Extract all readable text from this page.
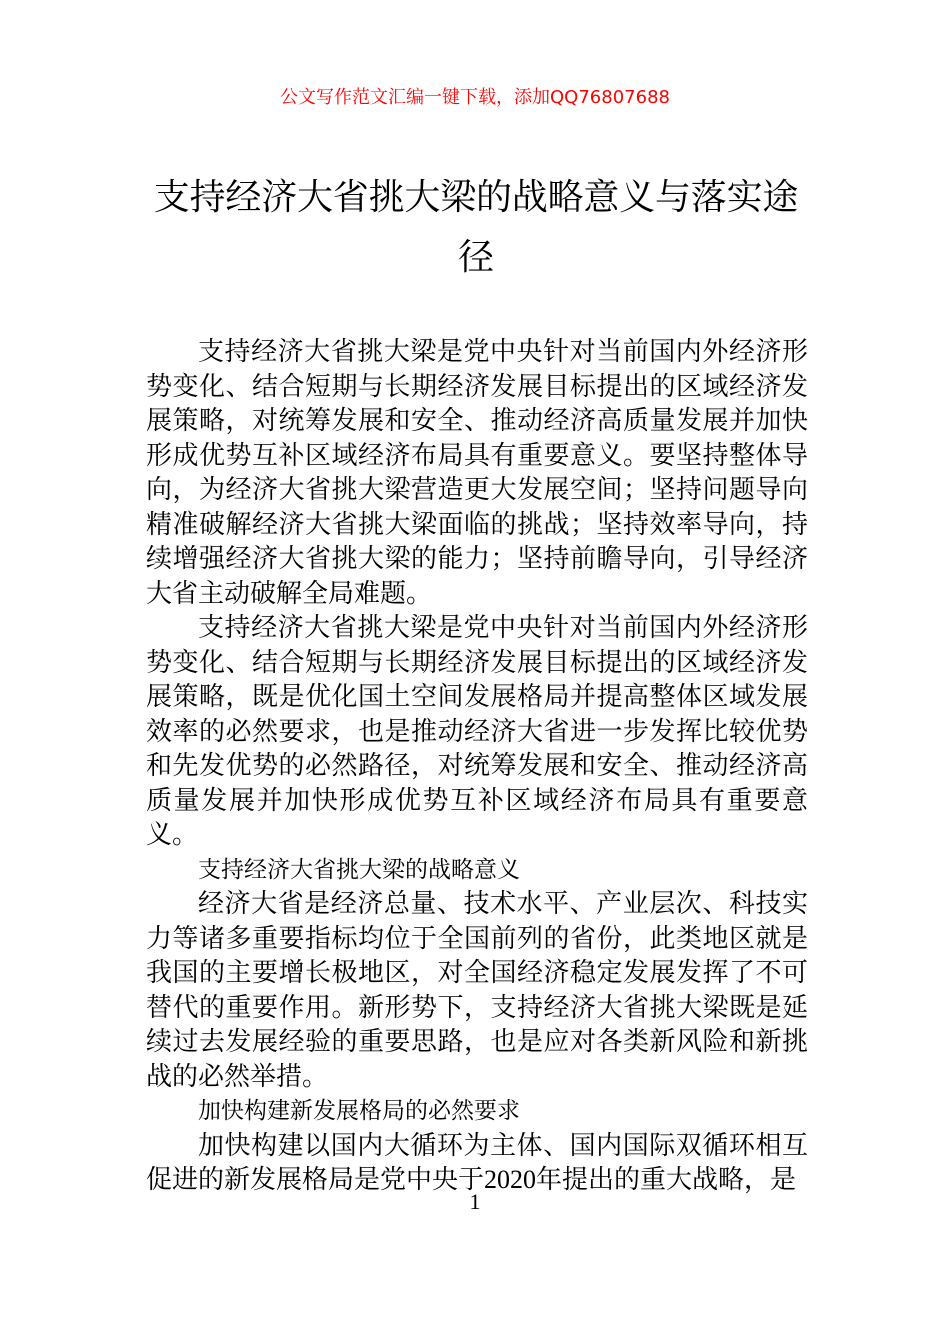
公文写作范文汇编一键下载，添加QQ76807688
支持经济大省挑大梁的战略意义与落实途径

支持经济大省挑大梁是党中央针对当前国内外经济形势变化、结合短期与长期经济发展目标提出的区域经济发展策略，对统筹发展和安全、推动经济高质量发展并加快形成优势互补区域经济布局具有重要意义。要坚持整体导向，为经济大省挑大梁营造更大发展空间；坚持问题导向精准破解经济大省挑大梁面临的挑战；坚持效率导向，持续增强经济大省挑大梁的能力；坚持前瞻导向，引导经济大省主动破解全局难题。

支持经济大省挑大梁是党中央针对当前国内外经济形势变化、结合短期与长期经济发展目标提出的区域经济发展策略，既是优化国土空间发展格局并提高整体区域发展效率的必然要求，也是推动经济大省进一步发挥比较优势和先发优势的必然路径，对统筹发展和安全、推动经济高质量发展并加快形成优势互补区域经济布局具有重要意义。

支持经济大省挑大梁的战略意义

经济大省是经济总量、技术水平、产业层次、科技实力等诸多重要指标均位于全国前列的省份，此类地区就是我国的主要增长极地区，对全国经济稳定发展发挥了不可替代的重要作用。新形势下，支持经济大省挑大梁既是延续过去发展经验的重要思路，也是应对各类新风险和新挑战的必然举措。

加快构建新发展格局的必然要求

加快构建以国内大循环为主体、国内国际双循环相互促进的新发展格局是党中央于2020年提出的重大战略，是

1
